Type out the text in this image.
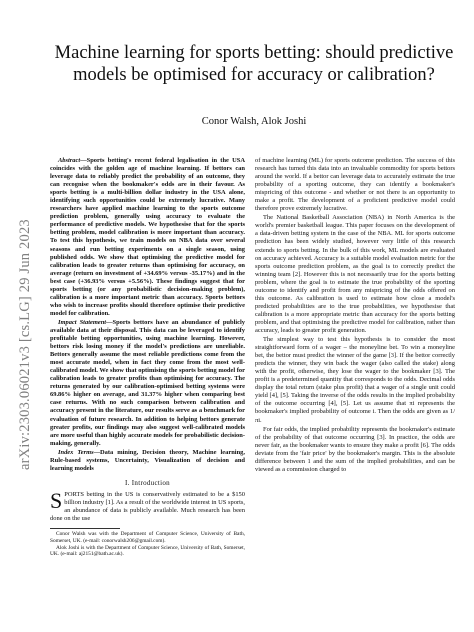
arXiv:2303.06021v3 [cs.LG] 29 Jun 2023
Machine learning for sports betting: should predictive models be optimised for accuracy or calibration?
Conor Walsh, Alok Joshi

Abstract—Sports betting's recent federal legalisation in the USA coincides with the golden age of machine learning. If bettors can leverage data to reliably predict the probability of an outcome, they can recognise when the bookmaker's odds are in their favour. As sports betting is a multi-billion dollar industry in the USA alone, identifying such opportunities could be extremely lucrative. Many researchers have applied machine learning to the sports outcome prediction problem, generally using accuracy to evaluate the performance of predictive models. We hypothesise that for the sports betting problem, model calibration is more important than accuracy. To test this hypothesis, we train models on NBA data over several seasons and run betting experiments on a single season, using published odds. We show that optimising the predictive model for calibration leads to greater returns than optimising for accuracy, on average (return on investment of +34.69% versus -35.17%) and in the best case (+36.93% versus +5.56%). These findings suggest that for sports betting (or any probabilistic decision-making problem), calibration is a more important metric than accuracy. Sports bettors who wish to increase profits should therefore optimise their predictive model for calibration.

Impact Statement—Sports bettors have an abundance of publicly available data at their disposal. This data can be leveraged to identify profitable betting opportunities, using machine learning. However, bettors risk losing money if the model's predictions are unreliable. Bettors generally assume the most reliable predictions come from the most accurate model, when in fact they come from the most well-calibrated model. We show that optimising the sports betting model for calibration leads to greater profits than optimising for accuracy. The returns generated by our calibration-optimised betting systems were 69.86% higher on average, and 31.37% higher when comparing best case returns. With no such comparison between calibration and accuracy present in the literature, our results serve as a benchmark for evaluation of future research. In addition to helping bettors generate greater profits, our findings may also suggest well-calibrated models are more useful than highly accurate models for probabilistic decision-making, generally.

Index Terms—Data mining, Decision theory, Machine learning, Rule-based systems, Uncertainty, Visualization of decision and learning models

I. Introduction

SPORTS betting in the US is conservatively estimated to be a $150 billion industry [1]. As a result of the worldwide interest in US sports, an abundance of data is publicly available. Much research has been done on the use

Conor Walsh was with the Department of Computer Science, University of Bath, Somerset, UK. (e-mail: conorwalsh206@gmail.com).

Alok Joshi is with the Department of Computer Science, University of Bath, Somerset, UK. (e-mail: aj2151@bath.ac.uk).

of machine learning (ML) for sports outcome prediction. The success of this research has turned this data into an invaluable commodity for sports bettors around the world. If a bettor can leverage data to accurately estimate the true probability of a sporting outcome, they can identify a bookmaker's mispricing of this outcome - and whether or not there is an opportunity to make a profit. The development of a proficient predictive model could therefore prove extremely lucrative.

The National Basketball Association (NBA) in North America is the world's premier basketball league. This paper focuses on the development of a data-driven betting system in the case of the NBA. ML for sports outcome prediction has been widely studied, however very little of this research extends to sports betting. In the bulk of this work, ML models are evaluated on accuracy achieved. Accuracy is a suitable model evaluation metric for the sports outcome prediction problem, as the goal is to correctly predict the winning team [2]. However this is not necessarily true for the sports betting problem, where the goal is to estimate the true probability of the sporting outcome to identify and profit from any mispricing of the odds offered on this outcome. As calibration is used to estimate how close a model's predicted probabilities are to the true probabilities, we hypothesise that calibration is a more appropriate metric than accuracy for the sports betting problem, and that optimising the predictive model for calibration, rather than accuracy, leads to greater profit generation.

The simplest way to test this hypothesis is to consider the most straightforward form of a wager – the moneyline bet. To win a moneyline bet, the bettor must predict the winner of the game [3]. If the bettor correctly predicts the winner, they win back the wager (also called the stake) along with the profit, otherwise, they lose the wager to the bookmaker [3]. The profit is a predetermined quantity that corresponds to the odds. Decimal odds display the total return (stake plus profit) that a wager of a single unit could yield [4], [5]. Taking the inverse of the odds results in the implied probability of the outcome occurring [4], [5]. Let us assume that πi represents the bookmaker's implied probability of outcome i. Then the odds are given as 1/πi.

For fair odds, the implied probability represents the bookmaker's estimate of the probability of that outcome occurring [3]. In practice, the odds are never fair, as the bookmaker wants to ensure they make a profit [6]. The odds deviate from the 'fair price' by the bookmaker's margin. This is the absolute difference between 1 and the sum of the implied probabilities, and can be viewed as a commission charged to
